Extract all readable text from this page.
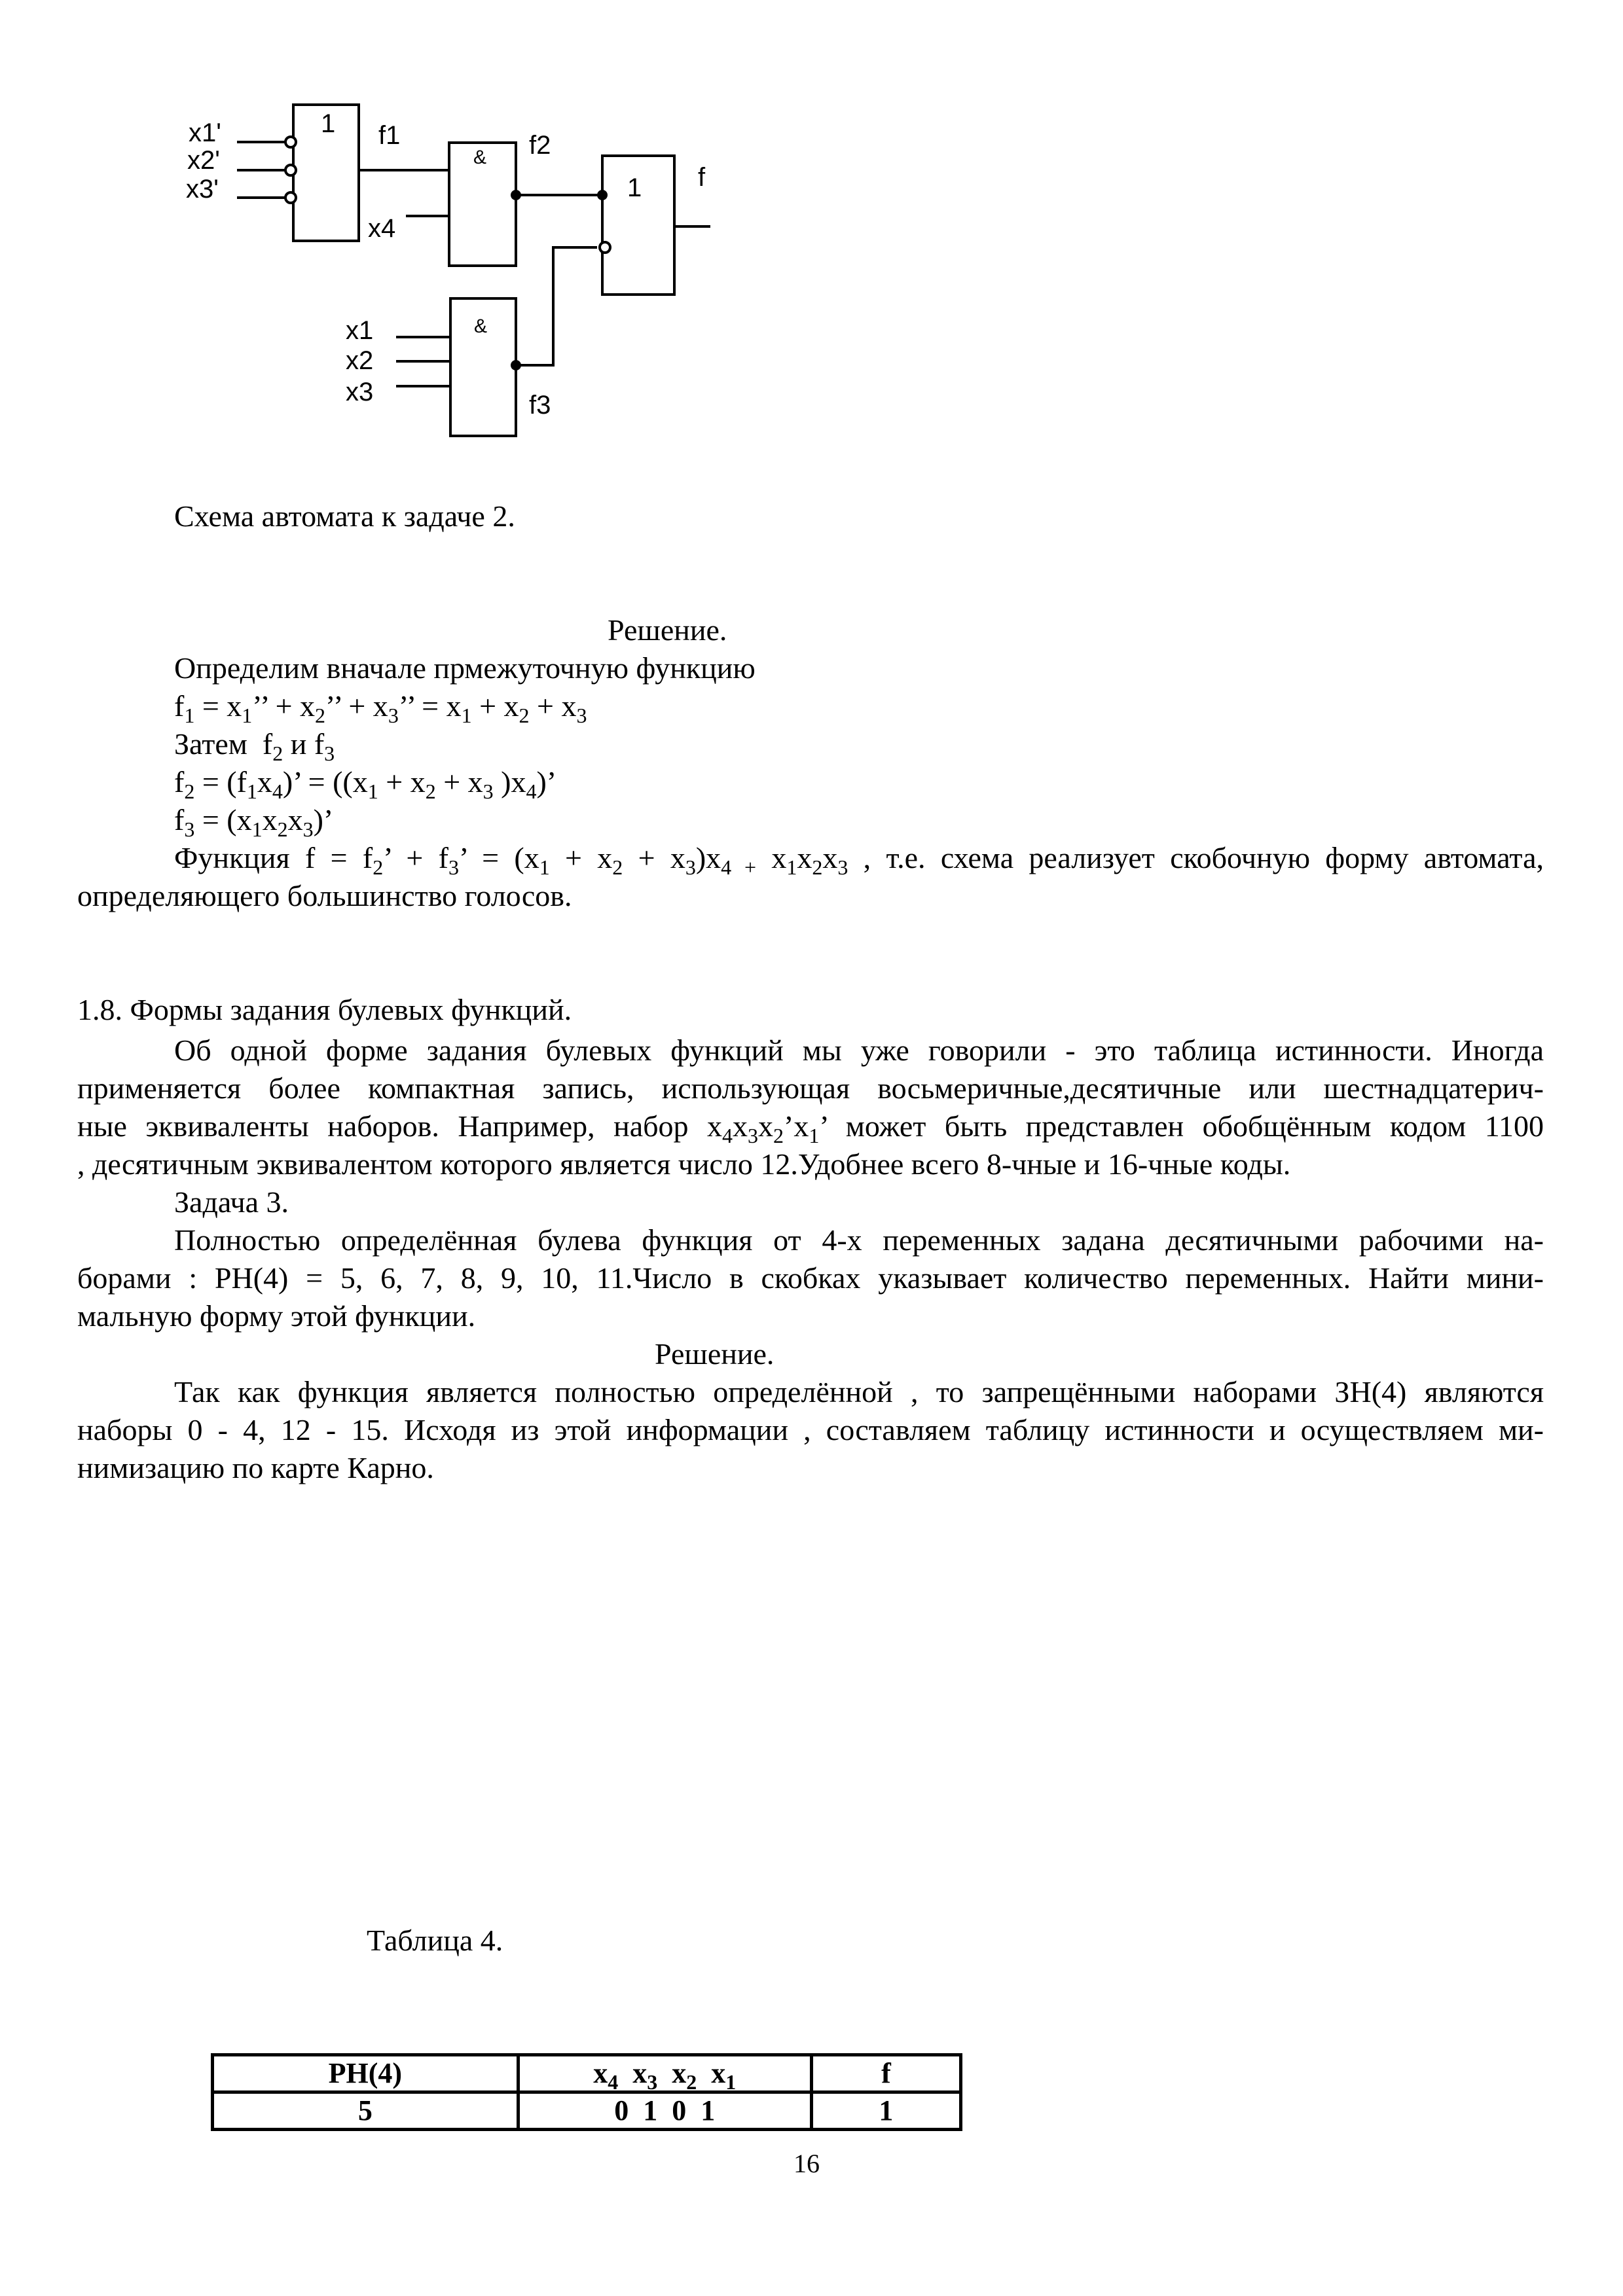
x1'
x2'
x3'
1 f1
& f2
x4
1 f
&
x1
x2
x3	f3
Схема автомата к задаче 2.
Решение.
Определим вначале прмежуточную функцию
$f_1 = x_1$’’ + $x_2$’’ + $x_3$’’ = $x_1 + x_2 + x_3$
Затем  $f_2$ и $f_3$
$f_2 = (f_1x_4)$’ = (($x_1 + x_2 + x_3$ )$x_4$)’
$f_3 = (x_1x_2x_3)$’
Функция $f = f_2$’ + $f_3$’ = $(x_1 + x_2 + x_3)x_{4 +}$ $x_1x_2x_3$ , т.е. схема реализует скобочную форму автомата,
определяющего большинство голосов.
1.8. Формы задания булевых функций.
Об одной форме задания булевых функций мы уже говорили - это таблица истинности. Иногда
применяется более компактная запись, использующая восьмеричные,десятичные или шестнадцатерич-
ные эквиваленты наборов. Например, набор $x_4x_3x_2’x_1$’ может быть представлен обобщённым кодом 1100
, десятичным эквивалентом которого является число 12.Удобнее всего 8-чные и 16-чные коды.
Задача 3.
Полностью определённая булева функция от 4-х переменных задана десятичными рабочими на-
борами : РН(4) = 5, 6, 7, 8, 9, 10, 11.Число в скобках указывает количество переменных. Найти мини-
мальную форму этой функции.
Решение.
Так как функция является полностью определённой , то запрещёнными наборами ЗН(4) являются
наборы 0 - 4, 12 - 15. Исходя из этой информации , составляем таблицу истинности и осуществляем ми-
нимизацию по карте Карно.
Таблица 4.
РН(4)	$x_4$  $x_3$  $x_2$  $x_1$	f
5	0  1  0  1	1
16
